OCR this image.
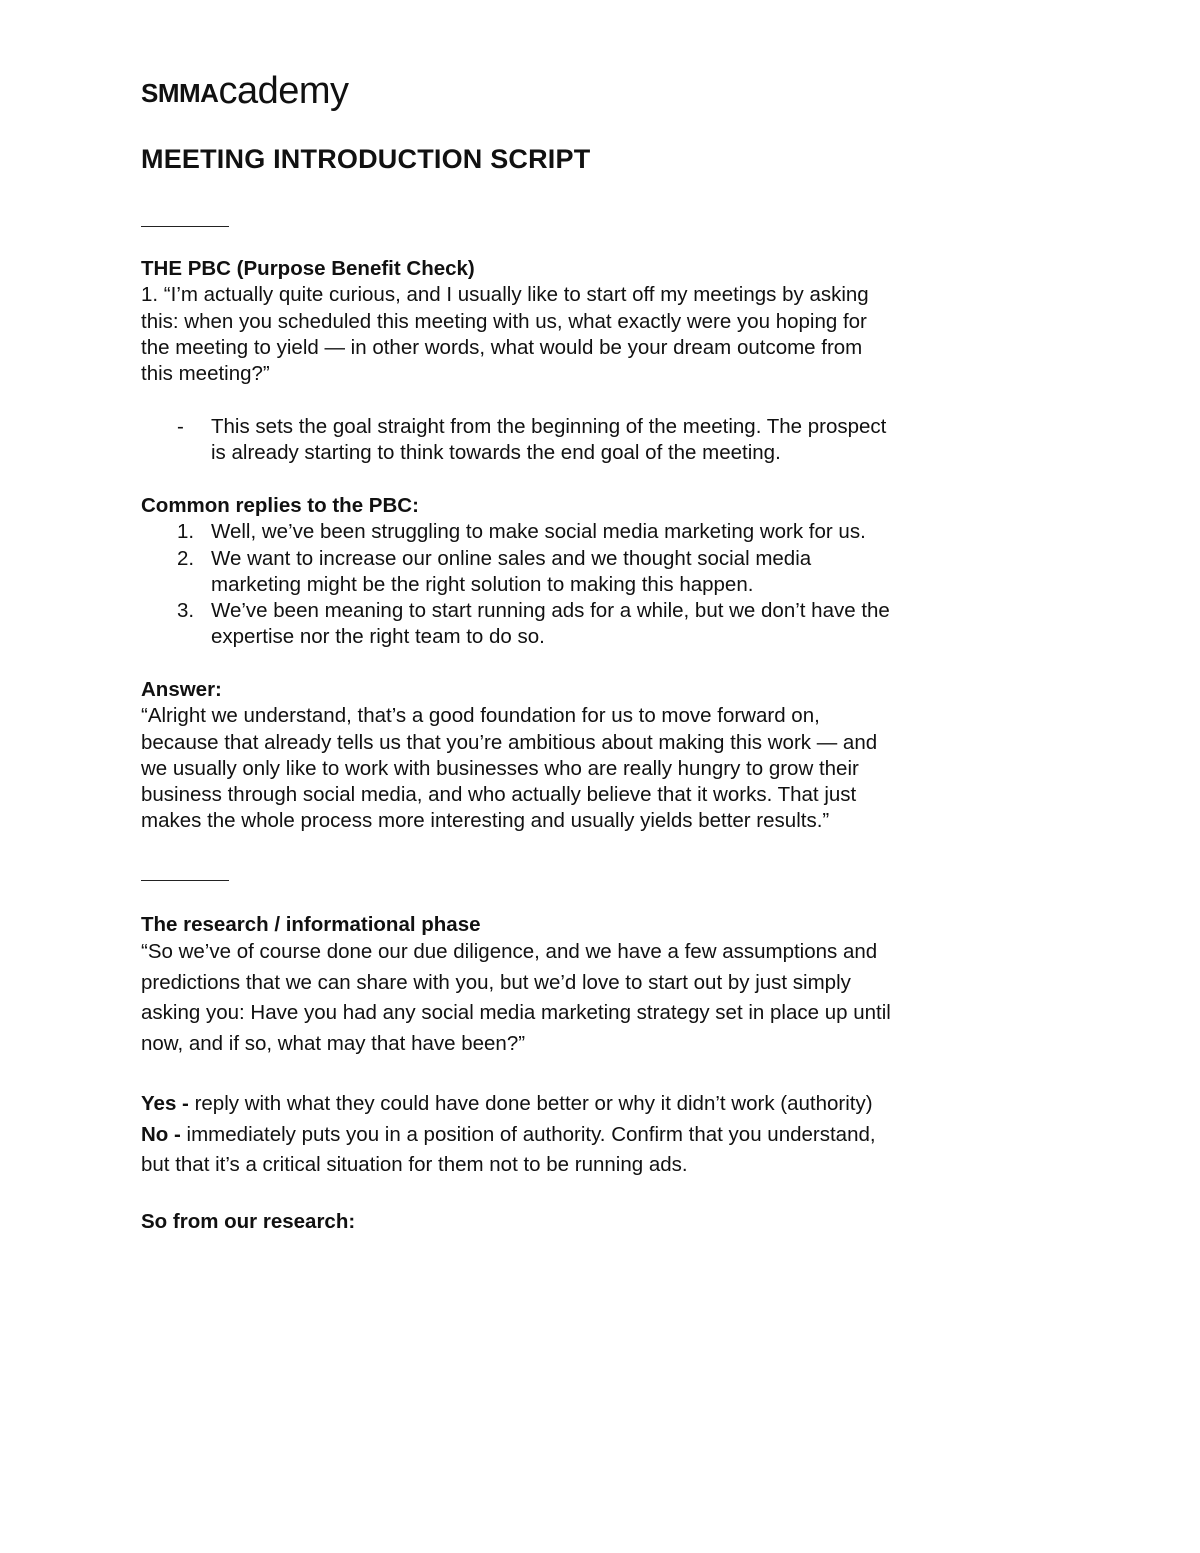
SMMA cademy
MEETING INTRODUCTION SCRIPT
THE PBC (Purpose Benefit Check)
1. “I’m actually quite curious, and I usually like to start off my meetings by asking
this: when you scheduled this meeting with us, what exactly were you hoping for
the meeting to yield — in other words, what would be your dream outcome from
this meeting?”
- This sets the goal straight from the beginning of the meeting. The prospect
is already starting to think towards the end goal of the meeting.
Common replies to the PBC:
1. Well, we’ve been struggling to make social media marketing work for us.
2. We want to increase our online sales and we thought social media
marketing might be the right solution to making this happen.
3. We’ve been meaning to start running ads for a while, but we don’t have the
expertise nor the right team to do so.
Answer:
“Alright we understand, that’s a good foundation for us to move forward on,
because that already tells us that you’re ambitious about making this work — and
we usually only like to work with businesses who are really hungry to grow their
business through social media, and who actually believe that it works. That just
makes the whole process more interesting and usually yields better results.”
The research / informational phase
“So we’ve of course done our due diligence, and we have a few assumptions and
predictions that we can share with you, but we’d love to start out by just simply
asking you: Have you had any social media marketing strategy set in place up until
now, and if so, what may that have been?”
Yes - reply with what they could have done better or why it didn’t work (authority)
No - immediately puts you in a position of authority. Confirm that you understand,
but that it’s a critical situation for them not to be running ads.
So from our research:
